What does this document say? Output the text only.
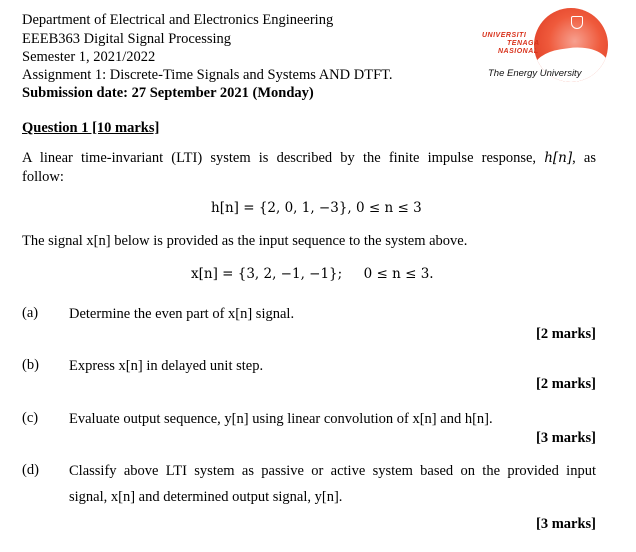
Department of Electrical and Electronics Engineering
EEEB363 Digital Signal Processing
Semester 1, 2021/2022
Assignment 1: Discrete-Time Signals and Systems AND DTFT.
Submission date: 27 September 2021 (Monday)
UNIVERSITI
TENAGA
NASIONAL
The Energy University
Question 1 [10 marks]
A linear time-invariant (LTI) system is described by the finite impulse response, h[n], as
follow:
h[n] = {2, 0, 1, −3}, 0 ≤ n ≤ 3
The signal x[n] below is provided as the input sequence to the system above.
x[n] = {3, 2, −1, −1};     0 ≤ n ≤ 3.
(a) Determine the even part of x[n] signal.
[2 marks]
(b) Express x[n] in delayed unit step.
[2 marks]
(c) Evaluate output sequence, y[n] using linear convolution of x[n] and h[n].
[3 marks]
(d) Classify above LTI system as passive or active system based on the provided input
signal, x[n] and determined output signal, y[n].
[3 marks]
